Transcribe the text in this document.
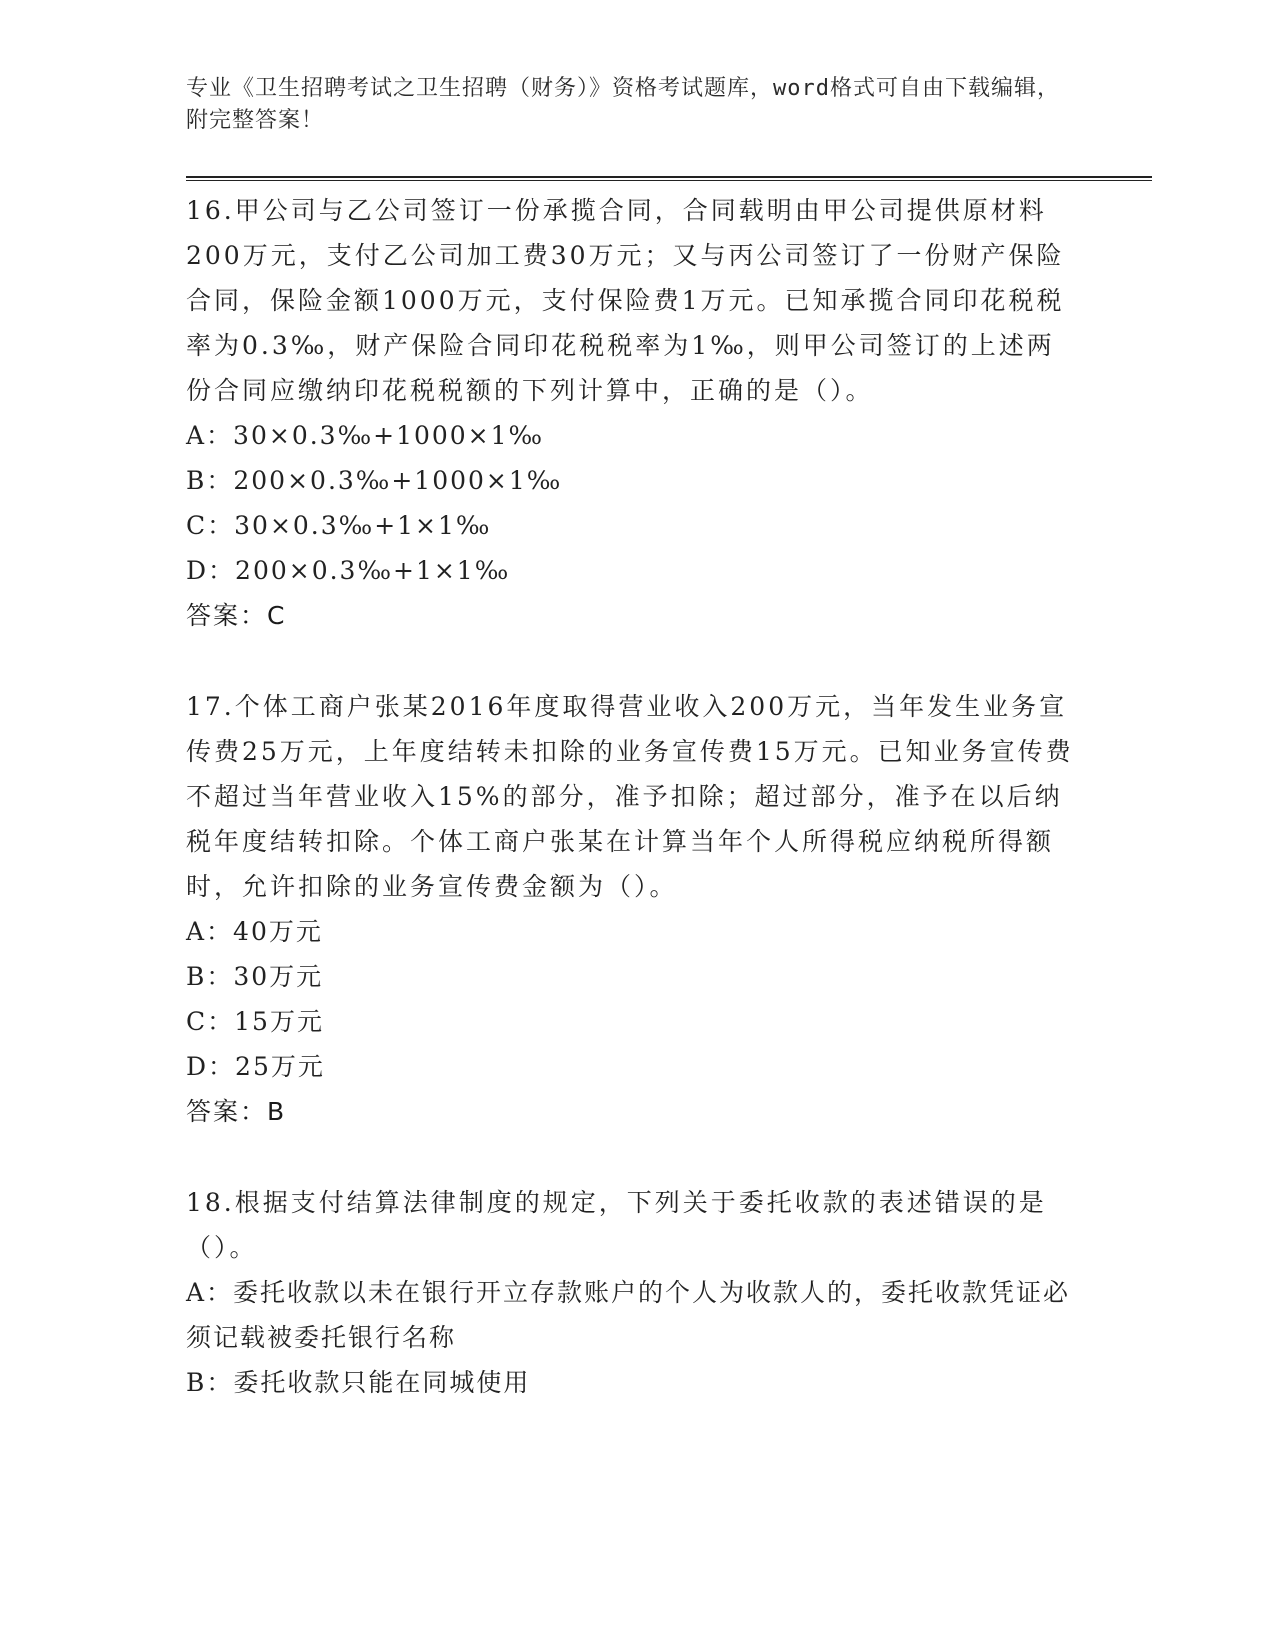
专业《卫生招聘考试之卫生招聘（财务）》资格考试题库，word格式可自由下载编辑，附完整答案！
16.甲公司与乙公司签订一份承揽合同，合同载明由甲公司提供原材料200万元，支付乙公司加工费30万元；又与丙公司签订了一份财产保险合同，保险金额1000万元，支付保险费1万元。已知承揽合同印花税税率为0.3‰，财产保险合同印花税税率为1‰，则甲公司签订的上述两份合同应缴纳印花税税额的下列计算中，正确的是（）。
A：30×0.3‰+1000×1‰
B：200×0.3‰+1000×1‰
C：30×0.3‰+1×1‰
D：200×0.3‰+1×1‰
答案：C
17.个体工商户张某2016年度取得营业收入200万元，当年发生业务宣传费25万元，上年度结转未扣除的业务宣传费15万元。已知业务宣传费不超过当年营业收入15%的部分，准予扣除；超过部分，准予在以后纳税年度结转扣除。个体工商户张某在计算当年个人所得税应纳税所得额时，允许扣除的业务宣传费金额为（）。
A：40万元
B：30万元
C：15万元
D：25万元
答案：B
18.根据支付结算法律制度的规定，下列关于委托收款的表述错误的是（）。
A：委托收款以未在银行开立存款账户的个人为收款人的，委托收款凭证必须记载被委托银行名称
B：委托收款只能在同城使用
